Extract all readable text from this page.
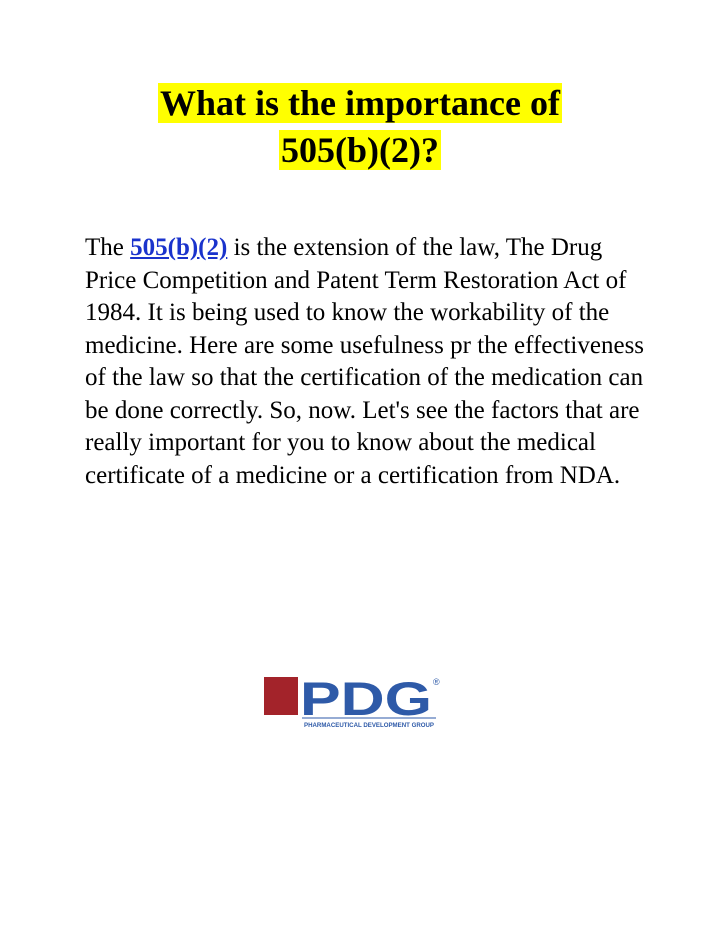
What is the importance of
505(b)(2)?

The 505(b)(2) is the extension of the law, The Drug Price Competition and Patent Term Restoration Act of 1984. It is being used to know the workability of the medicine. Here are some usefulness pr the effectiveness of the law so that the certification of the medication can be done correctly. So, now. Let's see the factors that are really important for you to know about the medical certificate of a medicine or a certification from NDA.

PDG ®
PHARMACEUTICAL DEVELOPMENT GROUP
